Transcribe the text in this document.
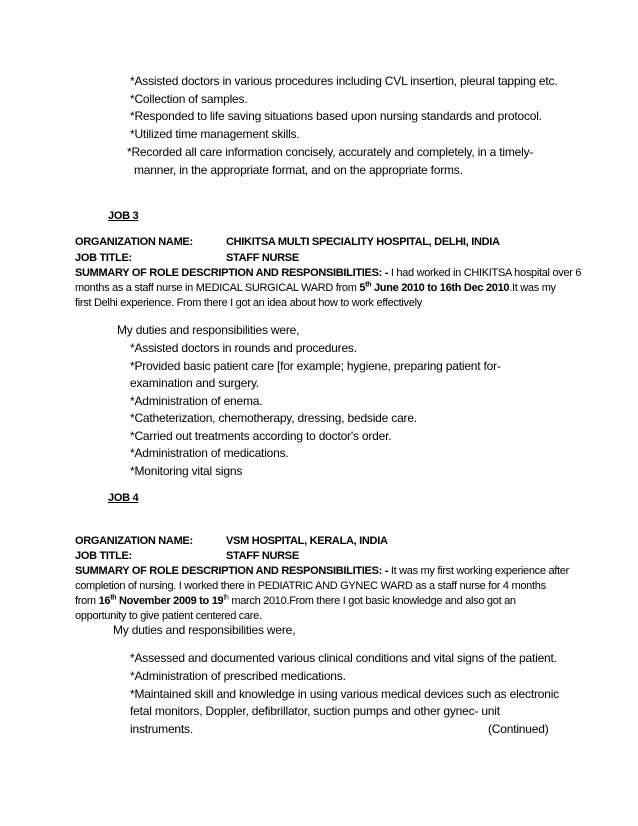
*Assisted doctors in various procedures including CVL insertion, pleural tapping etc.
*Collection of samples.
*Responded to life saving situations based upon nursing standards and protocol.
*Utilized time management skills.
*Recorded all care information concisely, accurately and completely, in a timely-
manner, in the appropriate format, and on the appropriate forms.
JOB 3
ORGANIZATION NAME:	CHIKITSA MULTI SPECIALITY HOSPITAL, DELHI, INDIA
JOB TITLE:	STAFF NURSE
SUMMARY OF ROLE DESCRIPTION AND RESPONSIBILITIES: - I had worked in CHIKITSA hospital over 6
months as a staff nurse in MEDICAL SURGICAL WARD from 5th June 2010 to 16th Dec 2010.It was my
first Delhi experience. From there I got an idea about how to work effectively
My duties and responsibilities were,
*Assisted doctors in rounds and procedures.
*Provided basic patient care [for example; hygiene, preparing patient for-
examination and surgery.
*Administration of enema.
*Catheterization, chemotherapy, dressing, bedside care.
*Carried out treatments according to doctor's order.
*Administration of medications.
*Monitoring vital signs
JOB 4
ORGANIZATION NAME:	VSM HOSPITAL, KERALA, INDIA
JOB TITLE:	STAFF NURSE
SUMMARY OF ROLE DESCRIPTION AND RESPONSIBILITIES: - It was my first working experience after
completion of nursing. I worked there in PEDIATRIC AND GYNEC WARD as a staff nurse for 4 months
from 16th November 2009 to 19th march 2010.From there I got basic knowledge and also got an
opportunity to give patient centered care.
My duties and responsibilities were,
*Assessed and documented various clinical conditions and vital signs of the patient.
*Administration of prescribed medications.
*Maintained skill and knowledge in using various medical devices such as electronic
fetal monitors, Doppler, defibrillator, suction pumps and other gynec- unit
instruments.	(Continued)
